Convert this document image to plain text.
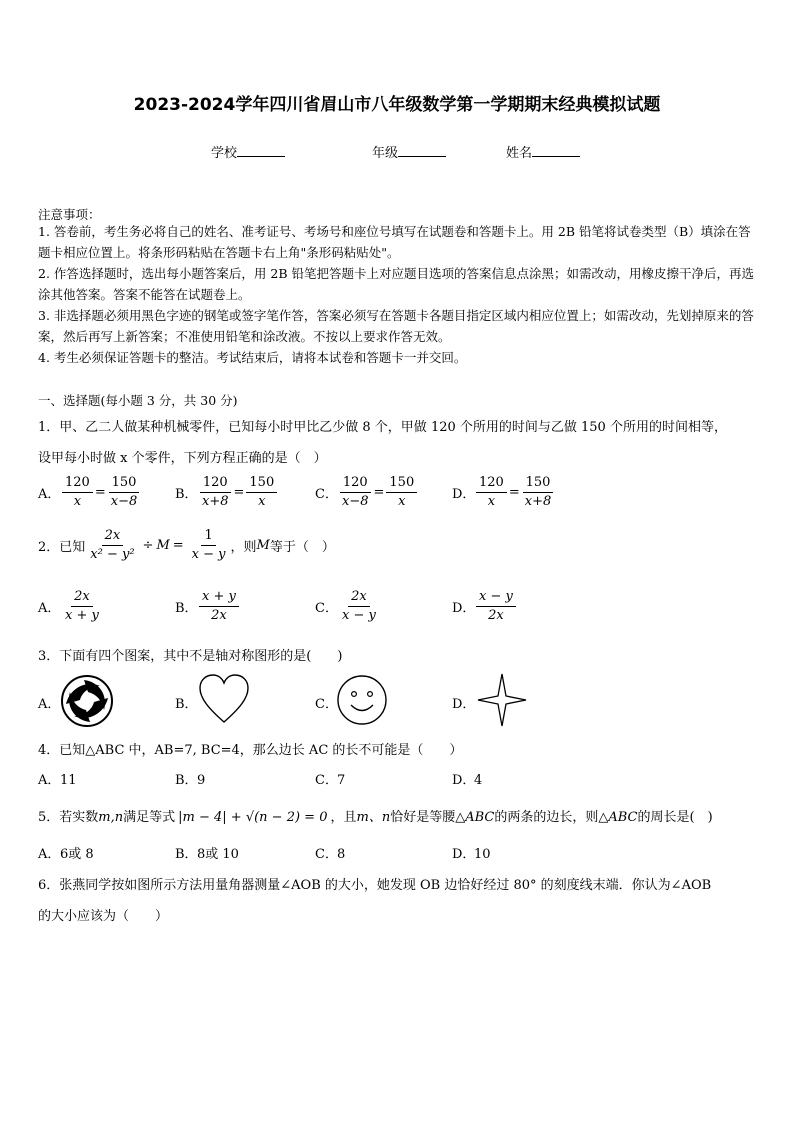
2023-2024学年四川省眉山市八年级数学第一学期期末经典模拟试题
学校	年级	姓名
注意事项：
1. 答卷前，考生务必将自己的姓名、准考证号、考场号和座位号填写在试题卷和答题卡上。用 2B 铅笔将试卷类型（B）填涂在答题卡相应位置上。将条形码粘贴在答题卡右上角"条形码粘贴处"。
2. 作答选择题时，选出每小题答案后，用 2B 铅笔把答题卡上对应题目选项的答案信息点涂黑；如需改动，用橡皮擦干净后，再选涂其他答案。答案不能答在试题卷上。
3. 非选择题必须用黑色字迹的钢笔或签字笔作答，答案必须写在答题卡各题目指定区域内相应位置上；如需改动，先划掉原来的答案，然后再写上新答案；不准使用铅笔和涂改液。不按以上要求作答无效。
4. 考生必须保证答题卡的整洁。考试结束后，请将本试卷和答题卡一并交回。
一、选择题(每小题 3 分，共 30 分)
1．甲、乙二人做某种机械零件，已知每小时甲比乙少做 8 个，甲做 120 个所用的时间与乙做 150 个所用的时间相等，
设甲每小时做 x 个零件，下列方程正确的是（　）
A． $\frac{120}{x} = \frac{150}{x-8}$	B． $\frac{120}{x+8} = \frac{150}{x}$	C． $\frac{120}{x-8} = \frac{150}{x}$	D． $\frac{120}{x} = \frac{150}{x+8}$
2．已知 $\frac{2x}{\text{x² − y²}} \div M = \frac{1}{x - y}$ ，则 M 等于（　）
A． $\frac{2x}{x + y}$	B． $\frac{x + y}{2x}$	C． $\frac{2x}{x - y}$	D． $\frac{x - y}{2x}$
3．下面有四个图案，其中不是轴对称图形的是(　　)
A．	B．	C．	D．
4．已知△ABC 中，AB=7, BC=4，那么边长 AC 的长不可能是（　　）
A．11	B．9	C．7	D．4
5．若实数m,n满足等式 |m − 4| + √(n − 2) = 0 ，且m、n恰好是等腰△ABC的两条的边长，则△ABC的周长是(　)
A．6或 8	B．8或 10	C．8	D．10
6．张燕同学按如图所示方法用量角器测量∠AOB 的大小，她发现 OB 边恰好经过 80° 的刻度线末端．你认为∠AOB
的大小应该为（　　）
